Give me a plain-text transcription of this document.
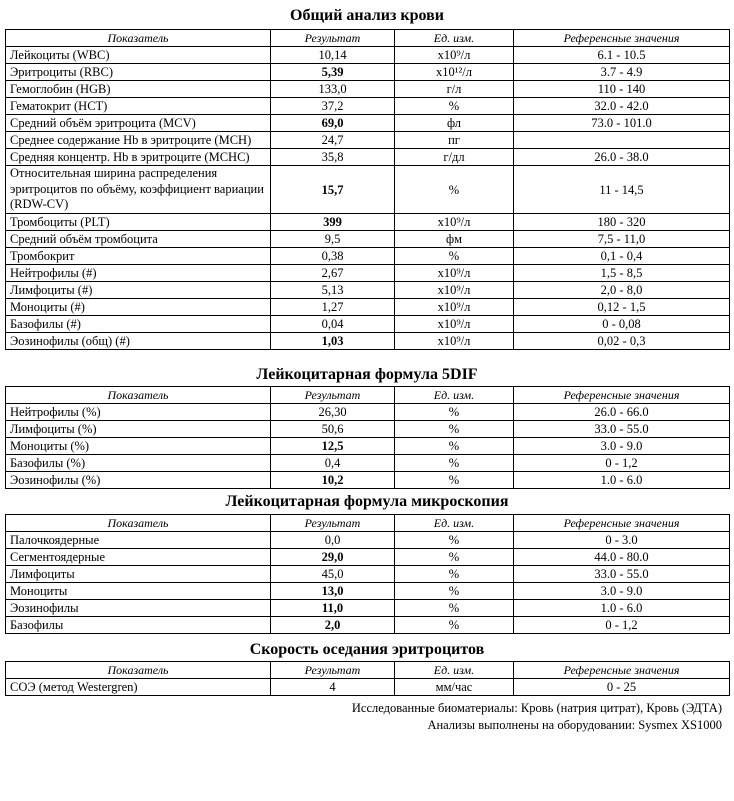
Общий анализ крови
Показатель	Результат	Ед. изм.	Референсные значения
Лейкоциты (WBC)	10,14	x10⁹/л	6.1 - 10.5
Эритроциты (RBC)	5,39	x10¹²/л	3.7 - 4.9
Гемоглобин (HGB)	133,0	г/л	110 - 140
Гематокрит (HCT)	37,2	%	32.0 - 42.0
Средний объём эритроцита (MCV)	69,0	фл	73.0 - 101.0
Среднее содержание Hb в эритроците (MCH)	24,7	пг	
Средняя концентр. Hb в эритроците (MCHC)	35,8	г/дл	26.0 - 38.0
Относительная ширина распределения эритроцитов по объёму, коэффициент вариации (RDW-CV)	15,7	%	11 - 14,5
Тромбоциты (PLT)	399	x10⁹/л	180 - 320
Средний объём тромбоцита	9,5	фм	7,5 - 11,0
Тромбокрит	0,38	%	0,1 - 0,4
Нейтрофилы (#)	2,67	x10⁹/л	1,5 - 8,5
Лимфоциты (#)	5,13	x10⁹/л	2,0 - 8,0
Моноциты (#)	1,27	x10⁹/л	0,12 - 1,5
Базофилы (#)	0,04	x10⁹/л	0 - 0,08
Эозинофилы (общ) (#)	1,03	x10⁹/л	0,02 - 0,3
Лейкоцитарная формула 5DIF
Показатель	Результат	Ед. изм.	Референсные значения
Нейтрофилы (%)	26,30	%	26.0 - 66.0
Лимфоциты (%)	50,6	%	33.0 - 55.0
Моноциты (%)	12,5	%	3.0 - 9.0
Базофилы (%)	0,4	%	0 - 1,2
Эозинофилы (%)	10,2	%	1.0 - 6.0
Лейкоцитарная формула микроскопия
Показатель	Результат	Ед. изм.	Референсные значения
Палочкоядерные	0,0	%	0 - 3.0
Сегментоядерные	29,0	%	44.0 - 80.0
Лимфоциты	45,0	%	33.0 - 55.0
Моноциты	13,0	%	3.0 - 9.0
Эозинофилы	11,0	%	1.0 - 6.0
Базофилы	2,0	%	0 - 1,2
Скорость оседания эритроцитов
Показатель	Результат	Ед. изм.	Референсные значения
СОЭ (метод Westergren)	4	мм/час	0 - 25
Исследованные биоматериалы: Кровь (натрия цитрат), Кровь (ЭДТА)
Анализы выполнены на оборудовании: Sysmex XS1000
